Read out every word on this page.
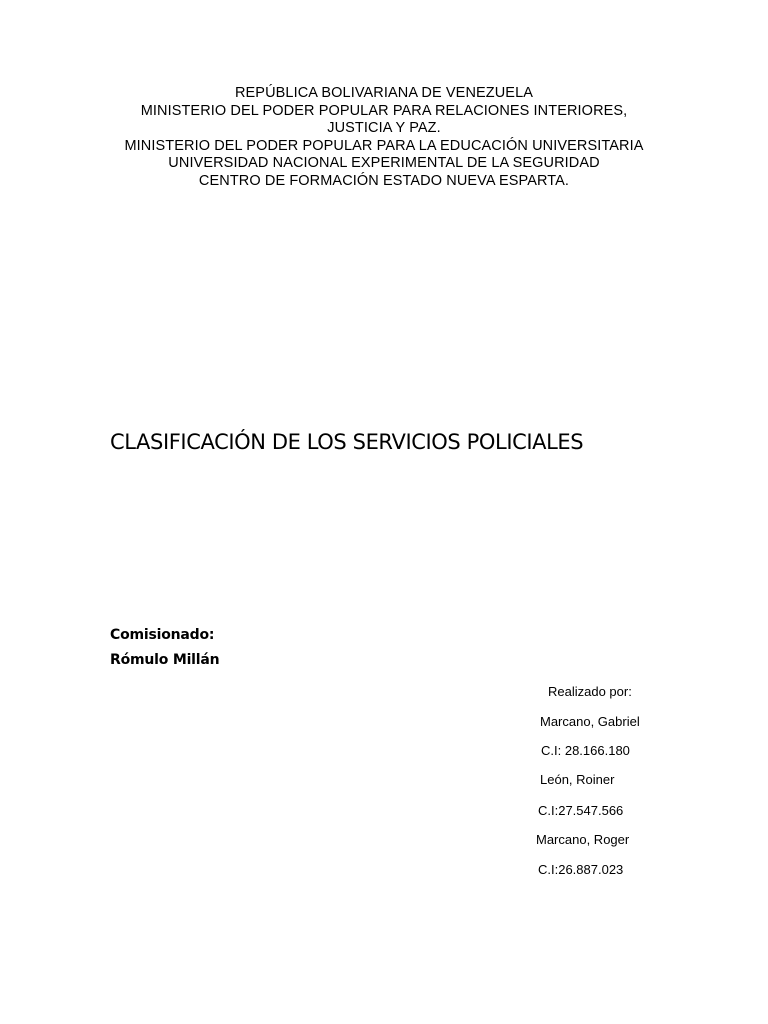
REPÚBLICA BOLIVARIANA DE VENEZUELA
MINISTERIO DEL PODER POPULAR PARA RELACIONES INTERIORES,
JUSTICIA Y PAZ.
MINISTERIO DEL PODER POPULAR PARA LA EDUCACIÓN UNIVERSITARIA
UNIVERSIDAD NACIONAL EXPERIMENTAL DE LA SEGURIDAD
CENTRO DE FORMACIÓN ESTADO NUEVA ESPARTA.
CLASIFICACIÓN DE LOS SERVICIOS POLICIALES
Comisionado:
Rómulo Millán
Realizado por:
Marcano, Gabriel
C.I: 28.166.180
León, Roiner
C.I:27.547.566
Marcano, Roger
C.I:26.887.023
